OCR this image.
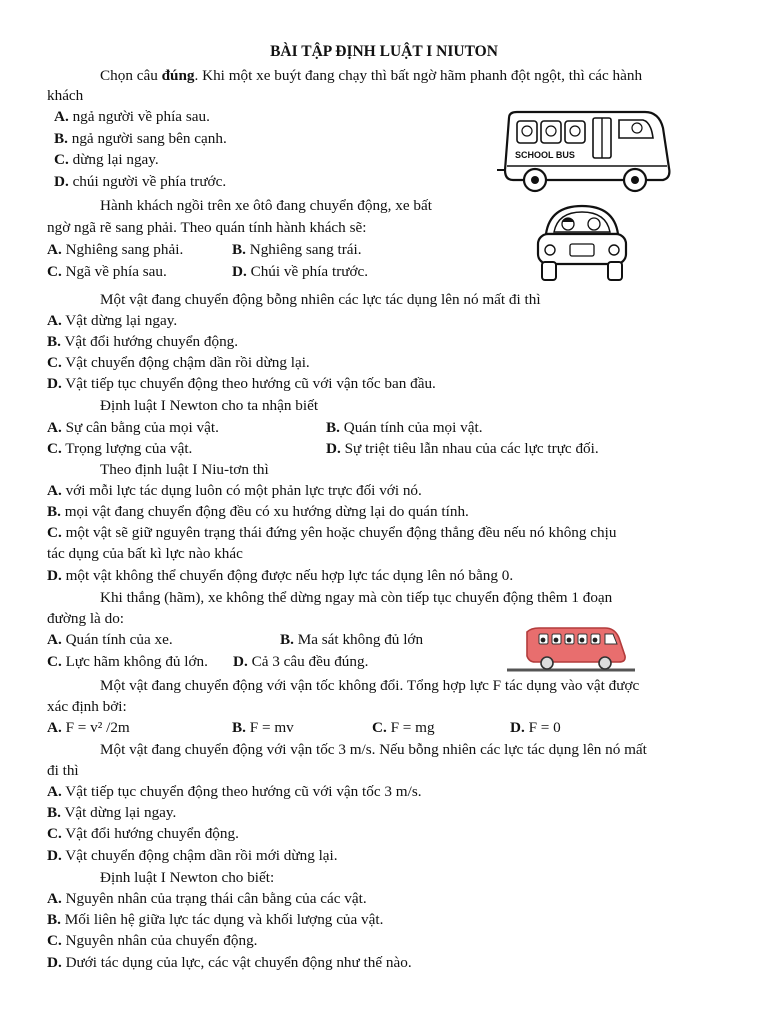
BÀI TẬP ĐỊNH LUẬT I NIUTON
Chọn câu đúng. Khi một xe buýt đang chạy thì bất ngờ hãm phanh đột ngột, thì các hành
khách
A. ngả người về phía sau.
B. ngả người sang bên cạnh.
C. dừng lại ngay.
D. chúi người về phía trước.
SCHOOL BUS
Hành khách ngồi trên xe ôtô đang chuyển động, xe bất
ngờ ngã rẽ sang phải. Theo quán tính hành khách sẽ:
A. Nghiêng sang phải.	B. Nghiêng sang trái.
C. Ngã về phía sau.	D. Chúi về phía trước.
Một vật đang chuyển động bỗng nhiên các lực tác dụng lên nó mất đi thì
A. Vật dừng lại ngay.
B. Vật đổi hướng chuyển động.
C. Vật chuyển động chậm dần rồi dừng lại.
D. Vật tiếp tục chuyển động theo hướng cũ với vận tốc ban đầu.
Định luật I Newton cho ta nhận biết
A. Sự cân bằng của mọi vật.	B. Quán tính của mọi vật.
C. Trọng lượng của vật.	D. Sự triệt tiêu lẫn nhau của các lực trực đối.
Theo định luật I Niu-tơn thì
A. với mỗi lực tác dụng luôn có một phản lực trực đối với nó.
B. mọi vật đang chuyển động đều có xu hướng dừng lại do quán tính.
C. một vật sẽ giữ nguyên trạng thái đứng yên hoặc chuyển động thẳng đều nếu nó không chịu
tác dụng của bất kì lực nào khác
D. một vật không thể chuyển động được nếu hợp lực tác dụng lên nó bằng 0.
Khi thắng (hãm), xe không thể dừng ngay mà còn tiếp tục chuyển động thêm 1 đoạn
đường là do:
A. Quán tính của xe.	B. Ma sát không đủ lớn
C. Lực hãm không đủ lớn. D. Cả 3 câu đều đúng.
Một vật đang chuyển động với vận tốc không đổi. Tổng hợp lực F tác dụng vào vật được
xác định bởi:
A. F = v² /2m	B. F = mv	C. F = mg	D. F = 0
Một vật đang chuyển động với vận tốc 3 m/s. Nếu bỗng nhiên các lực tác dụng lên nó mất
đi thì
A. Vật tiếp tục chuyển động theo hướng cũ với vận tốc 3 m/s.
B. Vật dừng lại ngay.
C. Vật đổi hướng chuyển động.
D. Vật chuyển động chậm dần rồi mới dừng lại.
Định luật I Newton cho biết:
A. Nguyên nhân của trạng thái cân bằng của các vật.
B. Mối liên hệ giữa lực tác dụng và khối lượng của vật.
C. Nguyên nhân của chuyển động.
D. Dưới tác dụng của lực, các vật chuyển động như thế nào.
